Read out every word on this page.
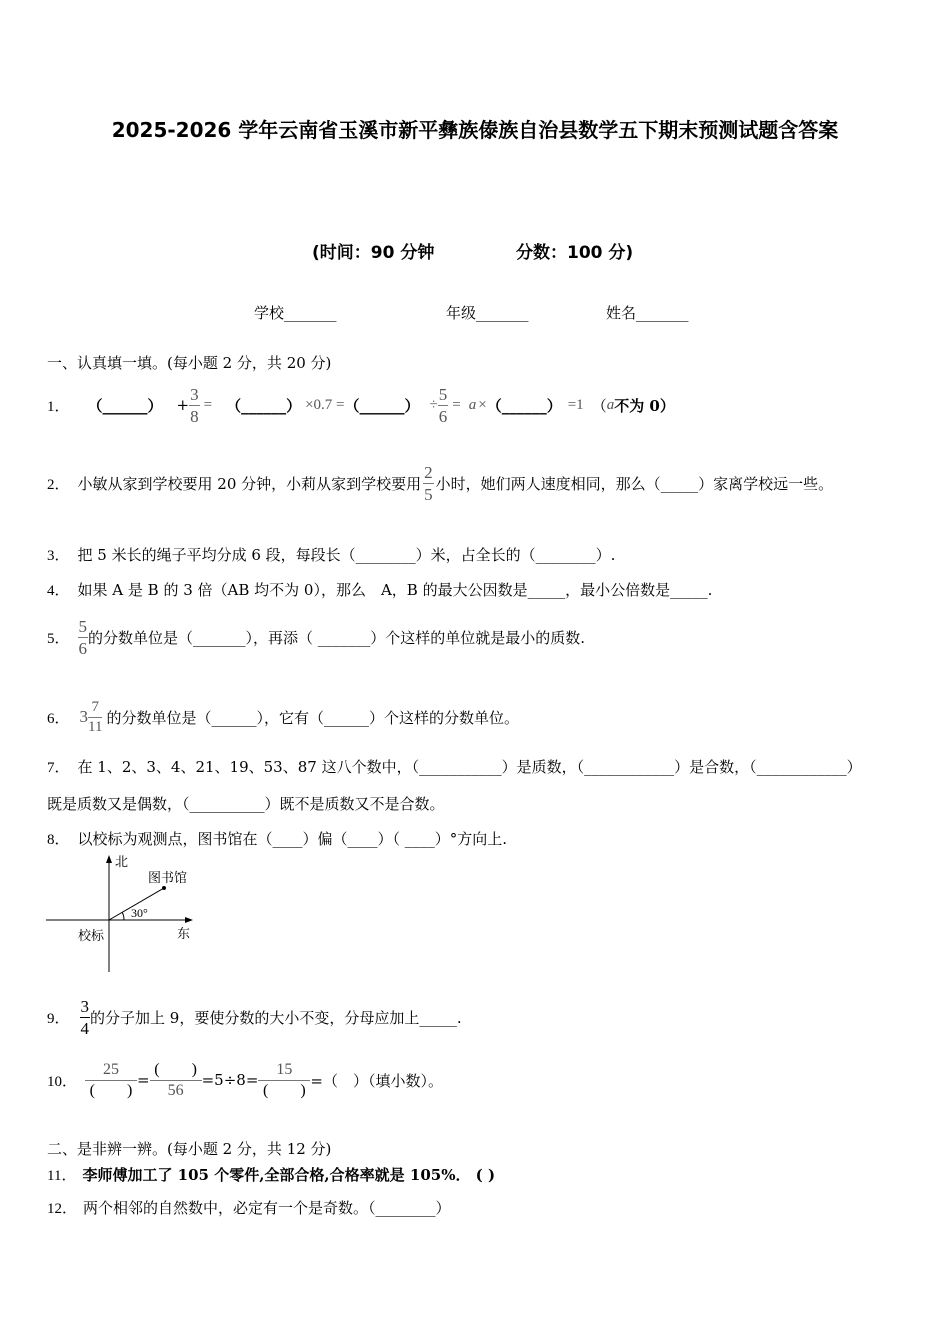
2025-2026 学年云南省玉溪市新平彝族傣族自治县数学五下期末预测试题含答案
(时间：90 分钟	分数：100 分)
学校_______	年级_______	姓名_______
一、认真填一填。(每小题 2 分，共 20 分)
1． （______） + $\frac{3}{8}$ = （______） ×0.7 = （______） ÷ $\frac{5}{6} = a$ × （______） =1 （ a 不为 0）
2． 小敏从家到学校要用 20 分钟，小莉从家到学校要用 $\frac{2}{5}$ 小时，她们两人速度相同，那么（_____）家离学校远一些。
3． 把 5 米长的绳子平均分成 6 段，每段长（________）米，占全长的（________）.
4． 如果 A 是 B 的 3 倍（AB 均不为 0），那么　A，B 的最大公因数是_____，最小公倍数是_____.
5． $\frac{5}{6}$ 的分数单位是（_______），再添（ _______）个这样的单位就是最小的质数.
6． $3 \frac{7}{11}$ 的分数单位是（______），它有（______）个这样的分数单位。
7． 在 1、2、3、4、21、19、53、87 这八个数中，（___________）是质数，（____________）是合数，（____________）
既是质数又是偶数，（__________）既不是质数又不是合数。
8． 以校标为观测点，图书馆在（____）偏（____）（ ____）°方向上.
北
图书馆
30°
校标	东
9． $\frac{3}{4}$ 的分子加上 9，要使分数的大小不变，分母应加上_____.
10． $\frac{25}{( )} = \frac{( )}{56} =5\div 8= \frac{15}{( )}$ =（　）（填小数）。
二、是非辨一辨。(每小题 2 分，共 12 分)
11． 李师傅加工了 105 个零件,全部合格,合格率就是 105%． ( )
12． 两个相邻的自然数中，必定有一个是奇数。（________）
